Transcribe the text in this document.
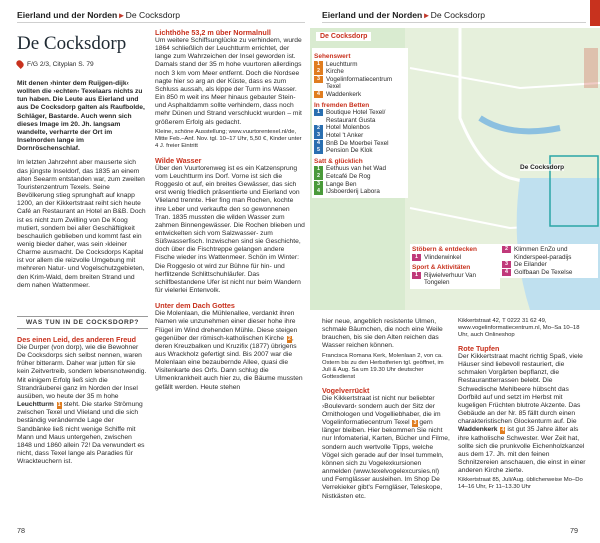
Eierland und der Norden ▸ De Cocksdorp
De Cocksdorp
F/G 2/3, Cityplan S. 79

Mit denen ›hinter dem Ruijgen-dijk‹ wollten die ›echten‹ Texelaars nichts zu tun haben. Die Leute aus Eierland und aus De Cocksdorp galten als Raufbolde, Schläger, Bastarde. Auch wenn sich dieses Image im 20. Jh. langsam wandelte, verharrte der Ort im Inselnorden lange im Dornröschenschlaf.

Im letzten Jahrzehnt aber mauserte sich das jüngste Inseldorf, das 1835 an einem alten Seearm entstanden war, zum zweiten Touristenzentrum Texels. Seine Bevölkerung stieg sprunghaft auf knapp 1200, an der Kikkertstraat reiht sich heute Café an Restaurant an Hotel an B&B. Doch ist es nicht zum Zwilling von De Koog mutiert, sondern bei aller Geschäftigkeit beschaulich geblieben und kommt fast ein wenig bieder daher, was sein ›kleiner Charme ausmacht. De Cocksdorps Kapital ist vor allem die reizvolle Umgebung mit mehreren Natur- und Vogelschutzgebieten, den Krim-Wald, dem breiten Strand und dem nahen Wattenmeer.

WAS TUN IN DE COCKSDORP?

Des einen Leid, des anderen Freud

Die Durper (von dorp), wie die Bewohner De Cocksdorps sich selbst nennen, waren früher bitterarm. Daher war jutten für sie kein Zeitvertreib, sondern lebensnotwendig. Mit einigem Erfolg ließ sich die Strandräuberei ganz im Norden der Insel ausüben, wo heute der 35 m hohe Leuchtturm 1 steht. Die starke Strömung zwischen Texel und Vlieland und die sich beständig verändernde Lage der Sandbänke ließ nicht wenige Schiffe mit Mann und Maus untergehen, zwischen 1848 und 1860 allein 72! Da verwundert es nicht, dass Texel lange als Paradies für Wrackteuchern ist.

78

Lichthöhe 53,2 m über Normalnull

Um weitere Schiffsunglücke zu verhindern, wurde 1864 schließlich der Leuchtturm errichtet, der lange zum Wahrzeichen der Insel geworden ist. Damals stand der 35 m hohe vuurtoren allerdings noch 3 km vom Meer entfernt. Doch die Nordsee nagte hier so arg an der Küste, dass es zum Schluss aussah, als kippe der Turm ins Wasser. Ein 850 m weit ins Meer hinaus gebauter Stein- und Asphaltdamm sollte verhindern, dass noch mehr Dünen und Strand verschluckt wurden – mit größerem Erfolg als gedacht.

Kleine, schöne Ausstellung; www.vuurtorentexel.nl/de, Mitte Feb.–Anf. Nov. tgl. 10–17 Uhr, 5,50 €, Kinder unter 4 J. freier Eintritt

Wilde Wasser

Über den Vuurtorenweg ist es ein Katzensprung vom Leuchtturm ins Dorf. Vorne ist sich die Roggeslo ot auf, ein breites Gewässer, das sich erst wenig friedlich präsentierte und Eierland von Vlieland trennte. Hier fing man Rochen, kochte ihre Leber und verkaufte den so gewonnenen Tran. 1835 mussten die wilden Wasser zum zahmen Binnengewässer. Die Rochen blieben und entwickelten sich vom Salzwasser- zum Süßwasserfisch. Inzwischen sind sie Geschichte, doch über die Fischtreppe gelangen andere Fische wieder ins Wattenmeer. Schön im Winter: Die Roggeslo ot wird zur Bühne für hin- und herflitzende Schlittschuhläufer. Das schilfbestandene Ufer ist nicht nur beim Wandern für vielerlei Entenvolk.

Unter dem Dach Gottes

Die Molenlaan, die Mühlenallee, verdankt ihren Namen wie unzunehmen einer dieser hohe ihre Flügel im Wind drehenden Mühle. Diese steigen gegenüber der römisch-katholischen Kirche 2, deren Kreuzbalken und Kruzifix (1877) übrigens aus Wrackholz gefertigt sind. Bis 2007 war die Molenlaan eine bezaubernde Allee, quasi die Visitenkarte des Orfs. Dann schlug die Ulmenkrankheit auch hier zu, die Bäume mussten gefällt werden. Heute stehen

Eierland und der Norden ▸ De Cocksdorp
De Cocksdorp
De Cocksdorp
Sehenswert
1 Leuchtturm
2 Kirche
3 Vogelinformatiecentrum Texel
4 Waddenkerk
In fremden Betten
1 Boutique Hotel Texel/ Restaurant Gusta
2 Hotel Molenbos
3 Hotel 't Anker
4 BnB De Moerbei Texel
5 Pension De Klok
Satt & glücklich
1 Eethuus van het Wad
2 Eetcafé De Rog
3 Lange Ben
4 IJsboerderij Labora
Stöbern & entdecken
1 Vlinderwinkel
Sport & Aktivitäten
1 Rijwielverhuur Van Tongelen
2 Klimmen EnZo und Kinderspeel-paradijs
3 De Eilander
4 Golfbaan De Texelse

hier neue, angeblich resistente Ulmen, schmale Bäumchen, die noch eine Weile brauchen, bis sie den Alten reichen das Wasser reichen können.

Francisca Romana Kerk, Molenlaan 2, von ca. Ostern bis zu den Herbstferien tgl. geöffnet, im Juli & Aug. Sa um 19.30 Uhr deutscher Gottesdienst

Vogelverrückt

Die Kikkertstraat ist nicht nur beliebter ›Boulevard‹ sondern auch der Sitz der Ornithologen und Vogelliebhaber, die im Vogelinformatiecentrum Texel 3 gern länger bleiben. Hier bekommen Sie nicht nur Infomaterial, Karten, Bücher und Filme, sondern auch wertvolle Tipps, welche Vögel sich gerade auf der Insel tummeln, können sich zu Vogelexkursionen anmelden (www.texelvogelexcursies.nl) und Fernglässer ausleihen. Im Shop De Verrekieker gibt's Ferngläser, Teleskope, Nistkästen etc.

Kikkertstraat 42, T 0222 31 62 49, www.vogelinformatiecentrum.nl, Mo–Sa 10–18 Uhr, auch Onlineshop

Rote Tupfen

Der Kikkertstraat macht richtig Spaß, viele Häuser sind liebevoll restauriert, die schmalen Vorgärten bepflanzt, die Restaurantterrassen belebt. Die Schwedische Mehlbeere hübscht das Dorfbild auf und setzt im Herbst mit kugeligen Früchten blutrote Akzente. Das Gebäude an der Nr. 85 fällt durch einen charakteristischen Glockenturm auf. Die Waddenkerk 4 ist gut 35 Jahre älter als ihre katholische Schwester. Wer Zeit hat, sollte sich die prunkvolle Eichenholzkanzel aus dem 17. Jh. mit den feinen Schnitzereien anschauen, die einst in einer anderen Kirche zierte.

Kikkertstraat 85, Juli/Aug. üblicherweise Mo–Do 14–16 Uhr, Fr 11–13.30 Uhr

79
